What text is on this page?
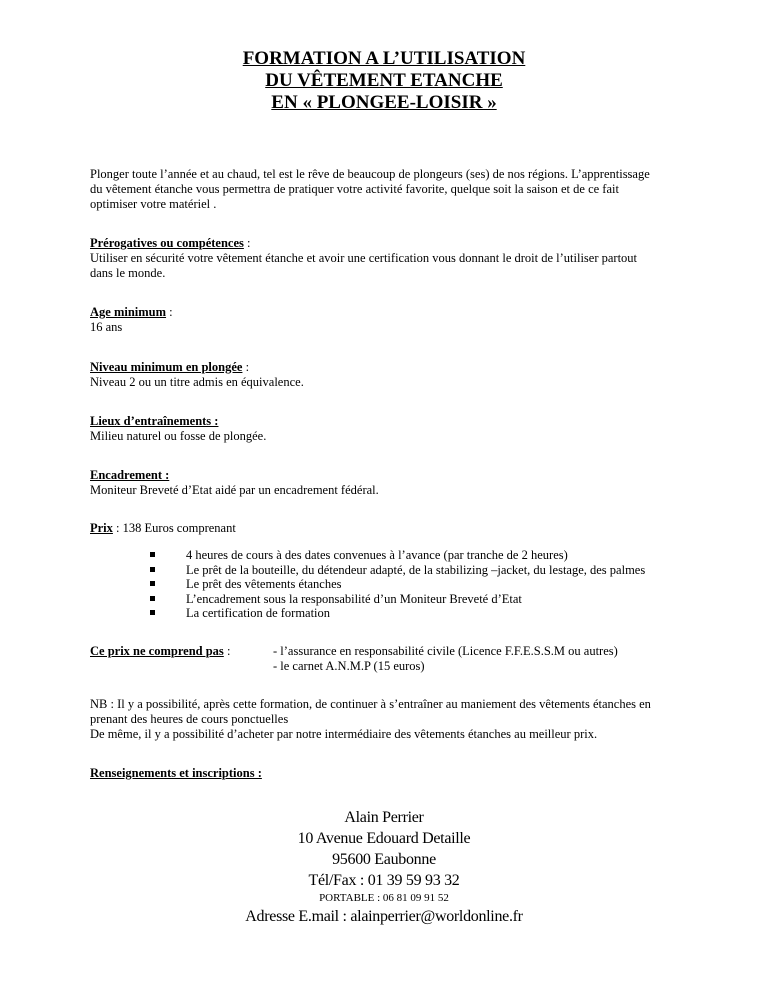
FORMATION A L’UTILISATION
DU VÊTEMENT ETANCHE
EN « PLONGEE-LOISIR »
Plonger toute l’année et au chaud, tel est le rêve de beaucoup de plongeurs (ses) de nos régions. L’apprentissage
du vêtement étanche vous permettra de pratiquer votre activité favorite, quelque soit la saison et de ce fait
optimiser votre matériel .
Prérogatives ou compétences :
Utiliser en sécurité votre vêtement étanche et avoir une certification vous donnant le droit de l’utiliser partout
dans le monde.
Age minimum :
16 ans
Niveau minimum en plongée :
Niveau 2 ou un titre admis en équivalence.
Lieux d’entraînements :
Milieu naturel ou fosse de plongée.
Encadrement :
Moniteur Breveté d’Etat aidé par un encadrement fédéral.
Prix : 138 Euros comprenant
4 heures de cours à des dates convenues à l’avance (par tranche de 2 heures)
Le prêt de la bouteille, du détendeur adapté, de la stabilizing –jacket, du lestage, des palmes
Le prêt des vêtements étanches
L’encadrement sous la responsabilité d’un Moniteur Breveté d’Etat
La certification de formation
Ce prix ne comprend pas :	- l’assurance en responsabilité civile (Licence F.F.E.S.S.M ou autres)
- le carnet A.N.M.P (15 euros)
NB : Il y a possibilité, après cette formation, de continuer à s’entraîner au maniement des vêtements étanches en
prenant des heures de cours ponctuelles
De même, il y a possibilité d’acheter par notre intermédiaire des vêtements étanches au meilleur prix.
Renseignements et inscriptions :
Alain Perrier
10 Avenue Edouard Detaille
95600 Eaubonne
Tél/Fax : 01 39 59 93 32
PORTABLE : 06 81 09 91 52
Adresse E.mail : alainperrier@worldonline.fr
